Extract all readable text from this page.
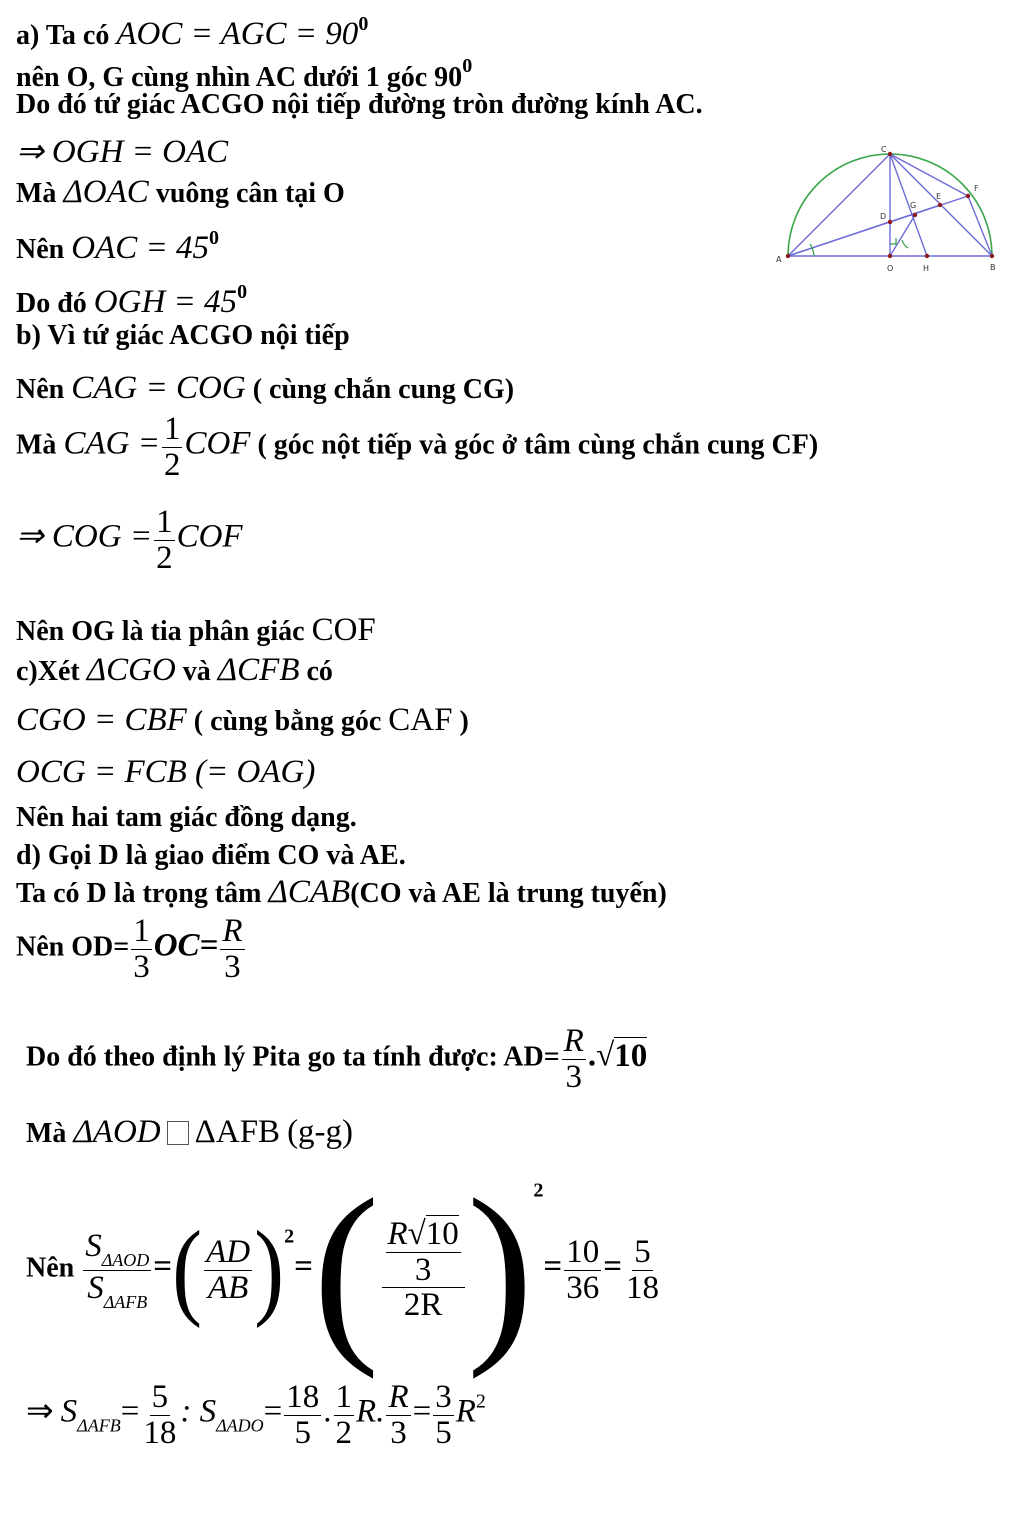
a) Ta có AOC = AGC = $90^0$
nên O, G cùng nhìn AC dưới 1 góc $90^0$
Do đó tứ giác ACGO nội tiếp đường tròn đường kính AC.
⇒ OGH = OAC
Mà ΔOAC vuông cân tại O
Nên OAC = $45^0$
Do đó OGH = $45^0$
b) Vì tứ giác ACGO nội tiếp
Nên CAG = COG ( cùng chắn cung CG)
Mà CAG = $\frac{1}{2}$ COF ( góc nột tiếp và góc ở tâm cùng chắn cung CF)
⇒ COG = $\frac{1}{2}$ COF
Nên OG là tia phân giác COF
c)Xét ΔCGO và ΔCFB có
CGO = CBF ( cùng bằng góc CAF )
OCG = FCB (= OAG)
Nên hai tam giác đồng dạng.
d) Gọi D là giao điểm CO và AE.
Ta có D là trọng tâm ΔCAB(CO và AE là trung tuyến)
Nên $OD= \frac{1}{3} OC= \frac{R}{3}$
Do đó theo định lý Pita go ta tính được: $AD= \frac{R}{3} .√10$
Mà ΔAOD ΔAFB (g-g)
Nên $\frac{S_{\Delta AOD}}{S_{\Delta AFB}}$ =( $\frac{AD}{AB} )^2=( \frac{\frac{R√10}{3}}{2R} )^2= \frac{10}{36} = \frac{5}{18}$
⇒ $S_{\Delta AFB}= \frac{5}{18}$ : $S_{\Delta ADO}= \frac{18}{5}$ . $\frac{1}{2} R$. $\frac{R}{3} = \frac{3}{5} R^2$
A
B
C
D
E
F
G
O	H
